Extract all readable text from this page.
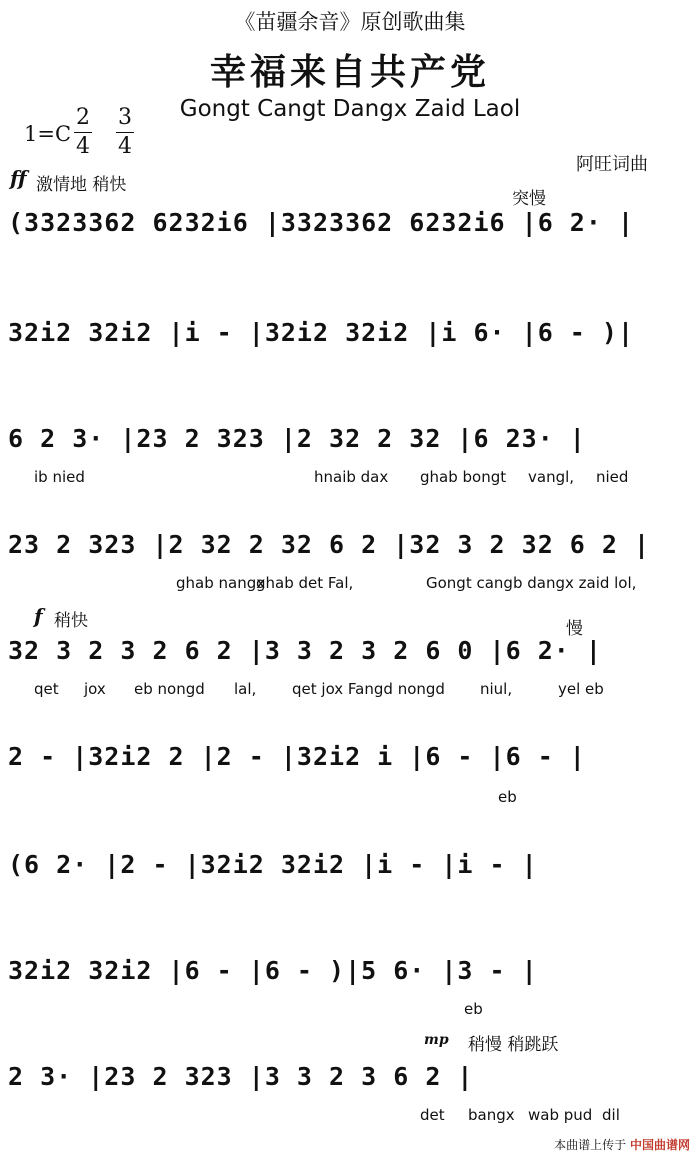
《苗疆余音》原创歌曲集
幸福来自共产党
Gongt Cangt Dangx Zaid Laol
1=C
2
4
3
4
阿旺词曲
ff 激情地 稍快
突慢
(3323362 6232i6 |3323362 6232i6 |6 2· |
32i2 32i2 |i - |32i2 32i2 |i 6· |6 - )|
6 2 3· |23 2 323 |2 32 2 32 |6 23· |
ib nied	hnaib dax ghab bongt vangl, nied
23 2 323 |2 32 2 32 6 2 |32 3 2 32 6 2 |
ghab nangx
ghab det Fal,	Gongt cangb dangx zaid lol,
f 稍快	慢
32 3 2 3 2 6 2 |3 3 2 3 2 6 0 |6 2· |
qet jox eb nongd lal, qet jox Fangd nongd niul,	yel eb
2 - |32i2 2 |2 - |32i2 i |6 - |6 - |
eb
(6 2· |2 - |32i2 32i2 |i - |i - |
32i2 32i2 |6 - |6 - )|5 6· |3 - |
eb
mp 稍慢 稍跳跃
2 3· |23 2 323 |3 3 2 3 6 2 |
det bangx wab pud dil
本曲谱上传于 中国曲谱网
